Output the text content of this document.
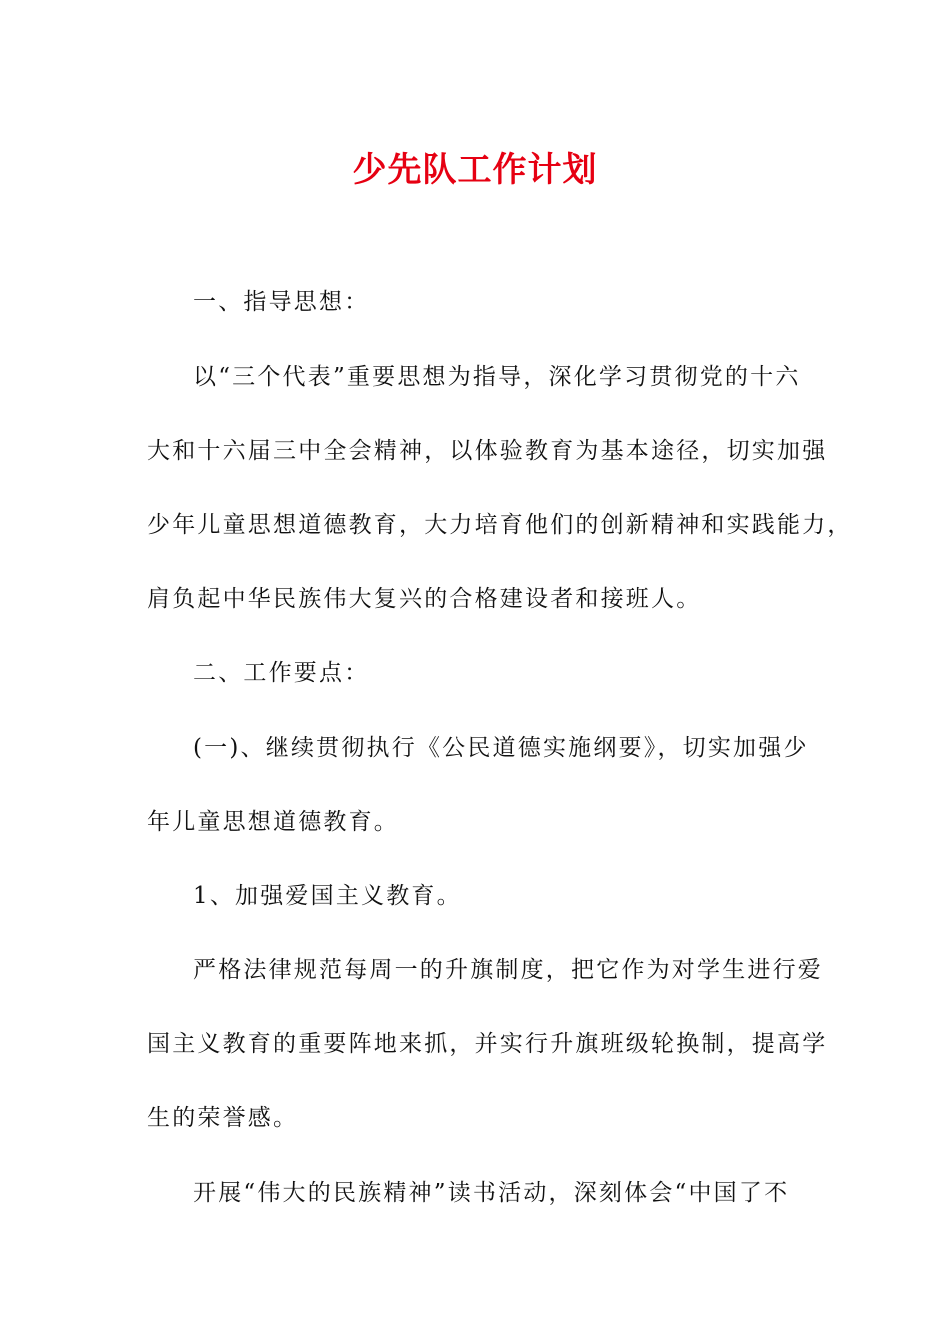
少先队工作计划
一、指导思想：
以“三个代表”重要思想为指导，深化学习贯彻党的十六
大和十六届三中全会精神，以体验教育为基本途径，切实加强
少年儿童思想道德教育，大力培育他们的创新精神和实践能力，
肩负起中华民族伟大复兴的合格建设者和接班人。
二、工作要点：
(一)、继续贯彻执行《公民道德实施纲要》，切实加强少
年儿童思想道德教育。
1、加强爱国主义教育。
严格法律规范每周一的升旗制度，把它作为对学生进行爱
国主义教育的重要阵地来抓，并实行升旗班级轮换制，提高学
生的荣誉感。
开展“伟大的民族精神”读书活动，深刻体会“中国了不
